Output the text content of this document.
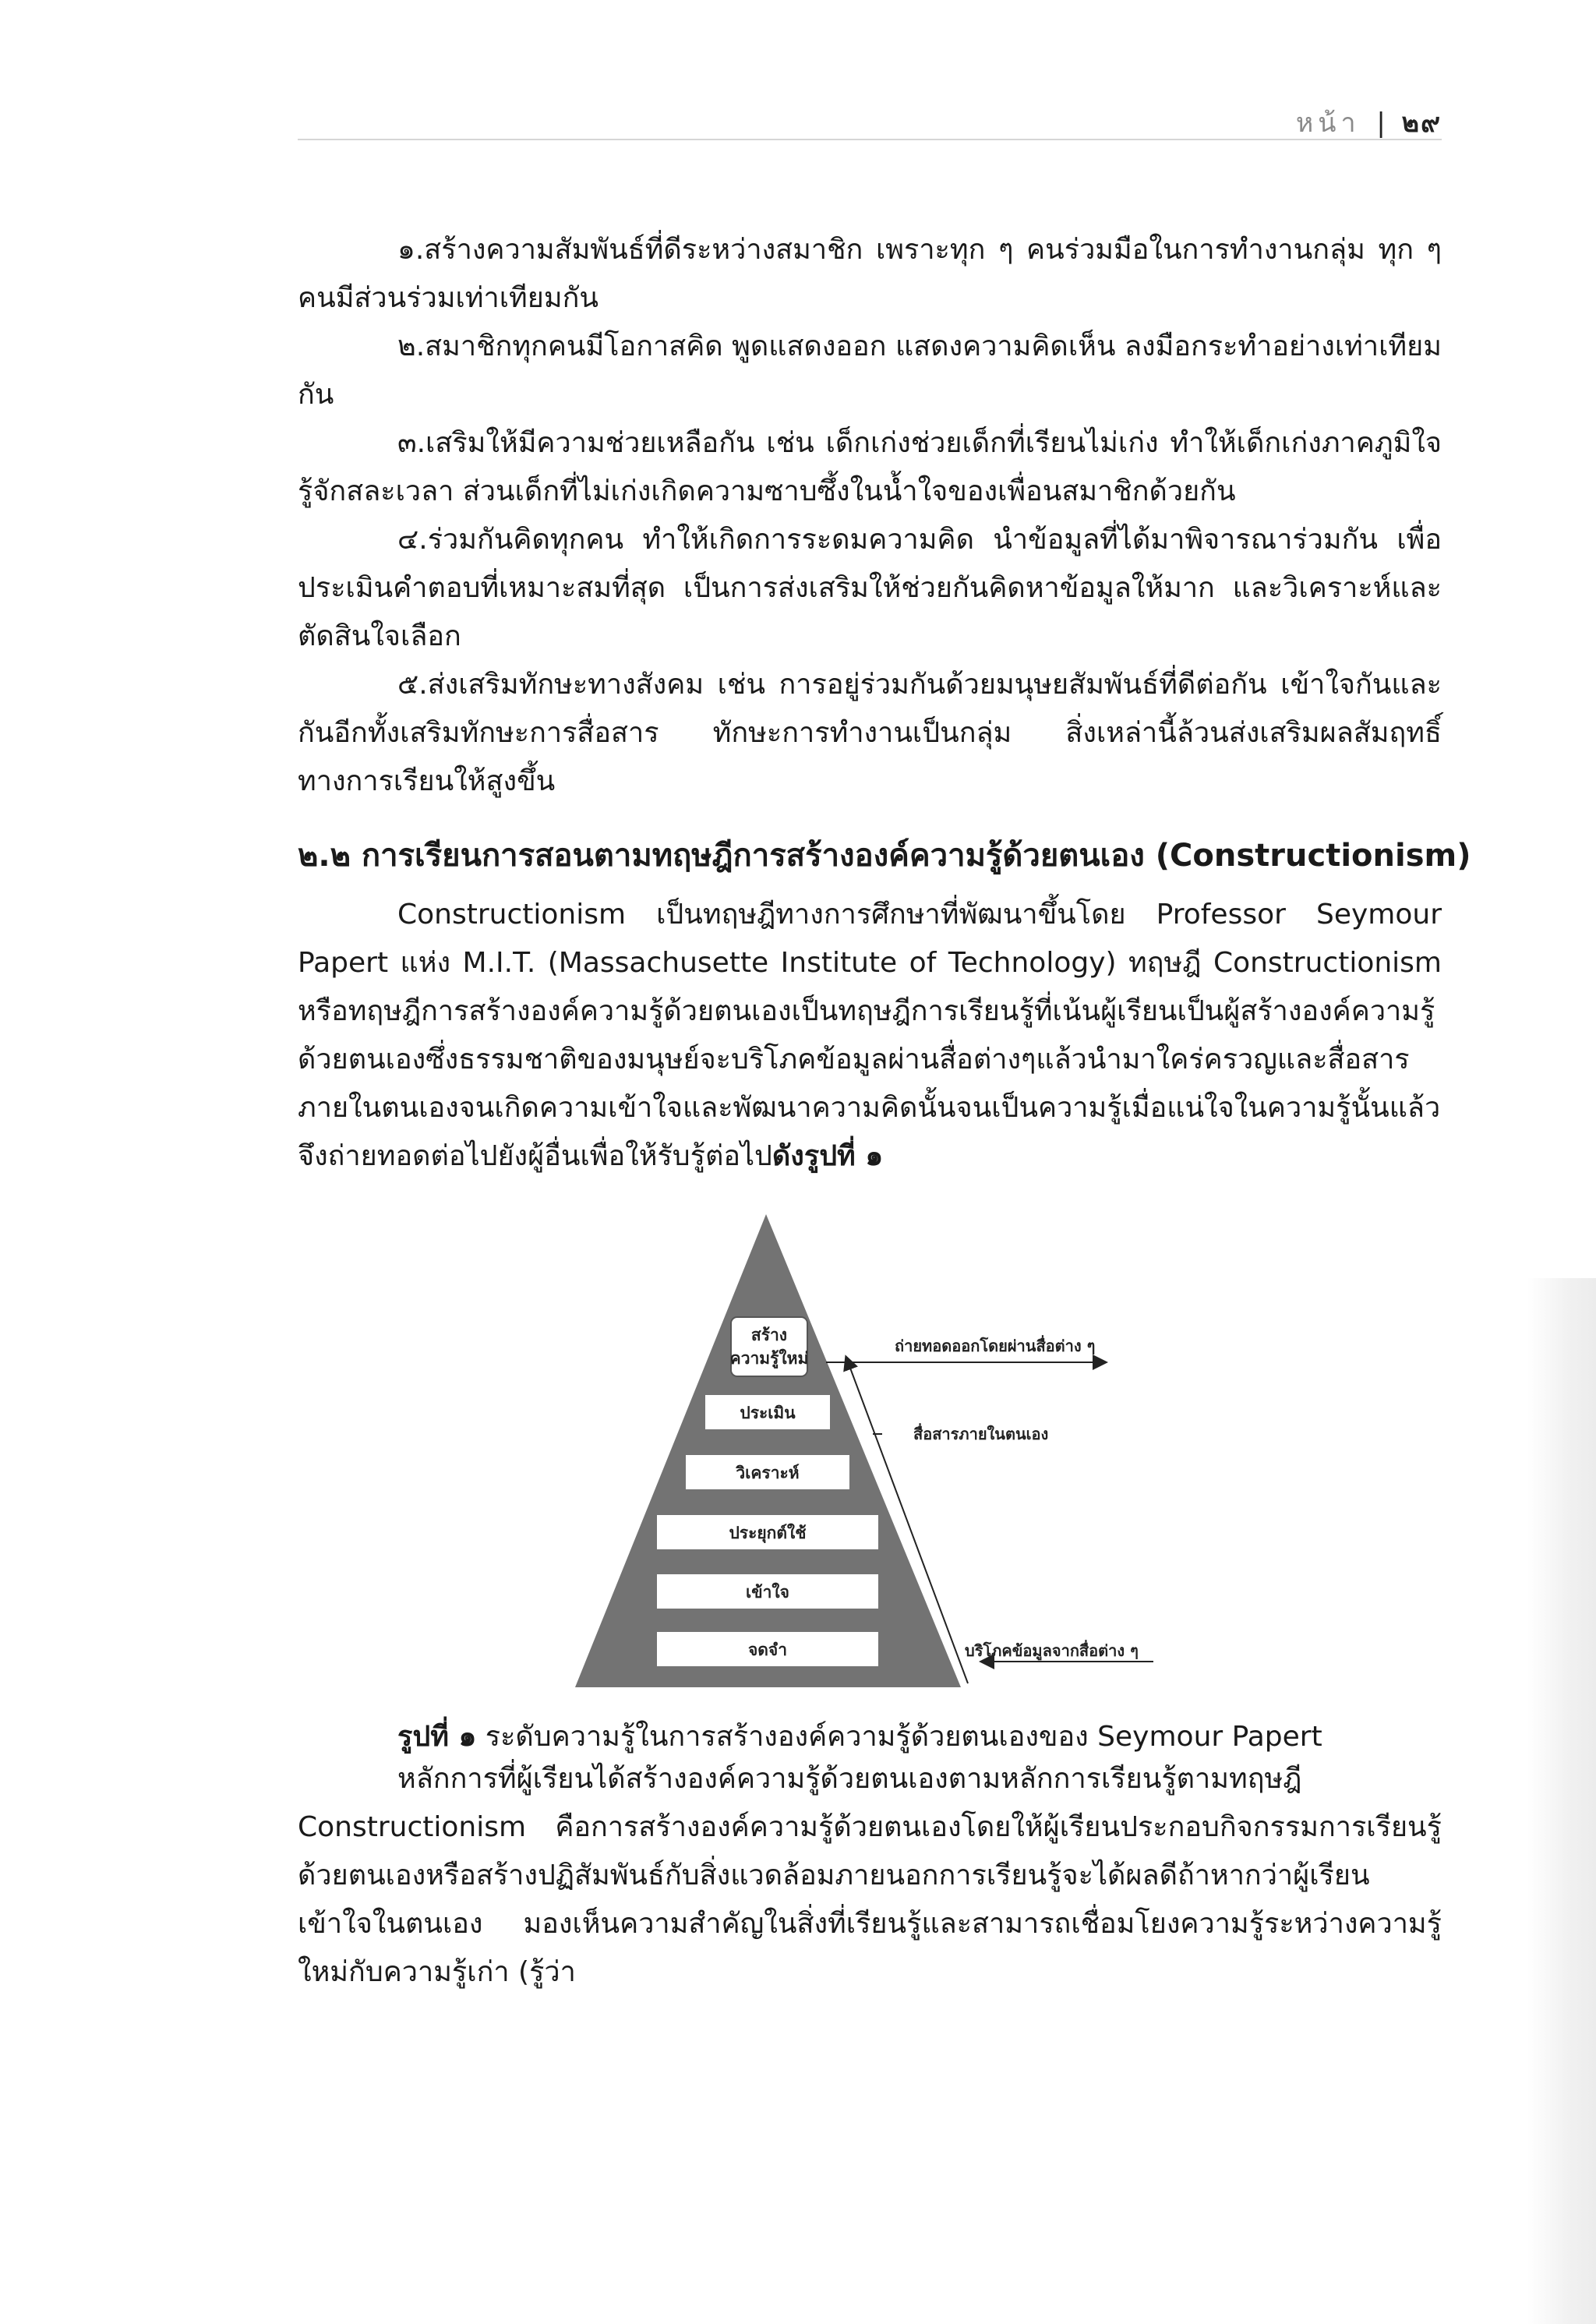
หน้า | ๒๙

๑.สร้างความสัมพันธ์ที่ดีระหว่างสมาชิก เพราะทุก ๆ คนร่วมมือในการทำงานกลุ่ม ทุก ๆ คนมีส่วนร่วมเท่าเทียมกัน

๒.สมาชิกทุกคนมีโอกาสคิด พูดแสดงออก แสดงความคิดเห็น ลงมือกระทำอย่างเท่าเทียมกัน

๓.เสริมให้มีความช่วยเหลือกัน เช่น เด็กเก่งช่วยเด็กที่เรียนไม่เก่ง ทำให้เด็กเก่งภาคภูมิใจ รู้จักสละเวลา ส่วนเด็กที่ไม่เก่งเกิดความซาบซึ้งในน้ำใจของเพื่อนสมาชิกด้วยกัน

๔.ร่วมกันคิดทุกคน ทำให้เกิดการระดมความคิด นำข้อมูลที่ได้มาพิจารณาร่วมกัน เพื่อประเมินคำตอบที่เหมาะสมที่สุด เป็นการส่งเสริมให้ช่วยกันคิดหาข้อมูลให้มาก และวิเคราะห์และตัดสินใจเลือก

๕.ส่งเสริมทักษะทางสังคม เช่น การอยู่ร่วมกันด้วยมนุษยสัมพันธ์ที่ดีต่อกัน เข้าใจกันและกันอีกทั้งเสริมทักษะการสื่อสาร ทักษะการทำงานเป็นกลุ่ม สิ่งเหล่านี้ล้วนส่งเสริมผลสัมฤทธิ์ทางการเรียนให้สูงขึ้น

๒.๒ การเรียนการสอนตามทฤษฎีการสร้างองค์ความรู้ด้วยตนเอง (Constructionism)

Constructionism เป็นทฤษฎีทางการศึกษาที่พัฒนาขึ้นโดย Professor Seymour Papert แห่ง M.I.T. (Massachusette Institute of Technology) ทฤษฎี Constructionism หรือทฤษฎีการสร้างองค์ความรู้ด้วยตนเองเป็นทฤษฎีการเรียนรู้ที่เน้นผู้เรียนเป็นผู้สร้างองค์ความรู้ด้วยตนเองซึ่งธรรมชาติของมนุษย์จะบริโภคข้อมูลผ่านสื่อต่างๆแล้วนำมาใคร่ครวญและสื่อสารภายในตนเองจนเกิดความเข้าใจและพัฒนาความคิดนั้นจนเป็นความรู้เมื่อแน่ใจในความรู้นั้นแล้วจึงถ่ายทอดต่อไปยังผู้อื่นเพื่อให้รับรู้ต่อไปดังรูปที่ ๑

สร้าง
ความรู้ใหม่
ประเมิน
วิเคราะห์
ประยุกต์ใช้
เข้าใจ
จดจำ
ถ่ายทอดออกโดยผ่านสื่อต่าง ๆ
สื่อสารภายในตนเอง
บริโภคข้อมูลจากสื่อต่าง ๆ
รูปที่ ๑ ระดับความรู้ในการสร้างองค์ความรู้ด้วยตนเองของ Seymour Papert

หลักการที่ผู้เรียนได้สร้างองค์ความรู้ด้วยตนเองตามหลักการเรียนรู้ตามทฤษฎี Constructionism คือการสร้างองค์ความรู้ด้วยตนเองโดยให้ผู้เรียนประกอบกิจกรรมการเรียนรู้ด้วยตนเองหรือสร้างปฏิสัมพันธ์กับสิ่งแวดล้อมภายนอกการเรียนรู้จะได้ผลดีถ้าหากว่าผู้เรียนเข้าใจในตนเอง มองเห็นความสำคัญในสิ่งที่เรียนรู้และสามารถเชื่อมโยงความรู้ระหว่างความรู้ใหม่กับความรู้เก่า (รู้ว่า
